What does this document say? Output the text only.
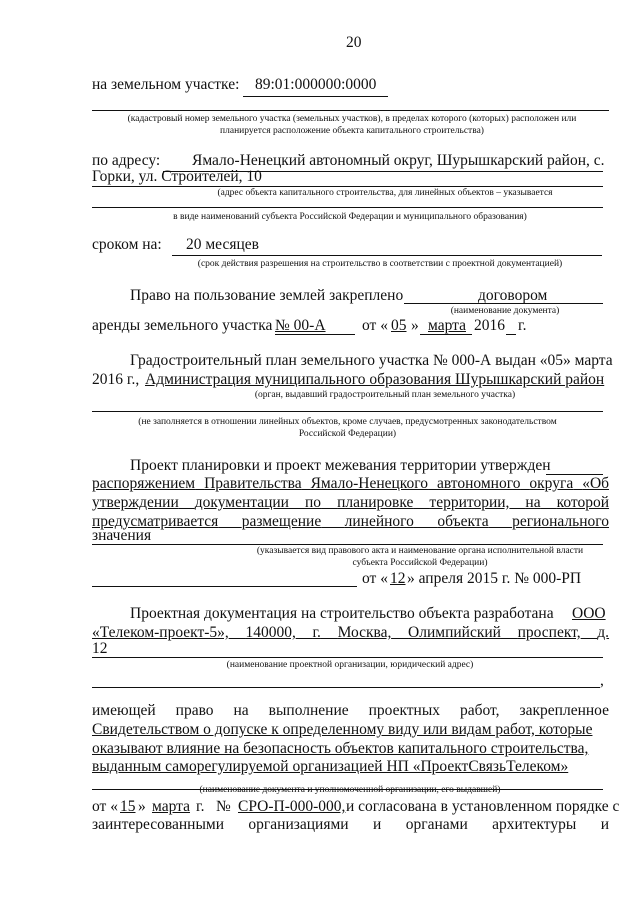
20
на земельном участке: 89:01:000000:0000
(кадастровый номер земельного участка (земельных участков), в пределах которого (которых) расположен или
планируется расположение объекта капитального строительства)
по адресу: Ямало-Ненецкий автономный округ, Шурышкарский район, с.
Горки, ул. Строителей, 10
(адрес объекта капитального строительства, для линейных объектов – указывается
в виде наименований субъекта Российской Федерации и муниципального образования)
сроком на: 20 месяцев
(срок действия разрешения на строительство в соответствии с проектной документацией)
Право на пользование землей закреплено	договором
(наименование документа)
аренды земельного участка № 00-А от « 05 » марта 2016 г.
Градостроительный план земельного участка № 000-А выдан «05» марта
2016 г., Администрация муниципального образования Шурышкарский район
(орган, выдавший градостроительный план земельного участка)
(не заполняется в отношении линейных объектов, кроме случаев, предусмотренных законодательством
Российской Федерации)
Проект планировки и проект межевания территории утвержден
распоряжением Правительства Ямало-Ненецкого автономного округа «Об
утверждении документации по планировке территории, на которой
предусматривается размещение линейного объекта регионального
значения
(указывается вид правового акта и наименование органа исполнительной власти
субъекта Российской Федерации)
от « 12 » апреля 2015 г. № 000-РП
Проектная документация на строительство объекта разработана ООО
«Телеком-проект-5», 140000, г. Москва, Олимпийский проспект, д.
12
(наименование проектной организации, юридический адрес)
,
имеющей право на выполнение проектных работ, закрепленное
Свидетельством о допуске к определенному виду или видам работ, которые
оказывают влияние на безопасность объектов капитального строительства,
выданным саморегулируемой организацией НП «ПроектСвязьТелеком»
(наименование документа и уполномоченной организации, его выдавшей)
от « 15 » марта г. № СРО-П-000-000, и согласована в установленном порядке с
заинтересованными организациями и органами архитектуры и
